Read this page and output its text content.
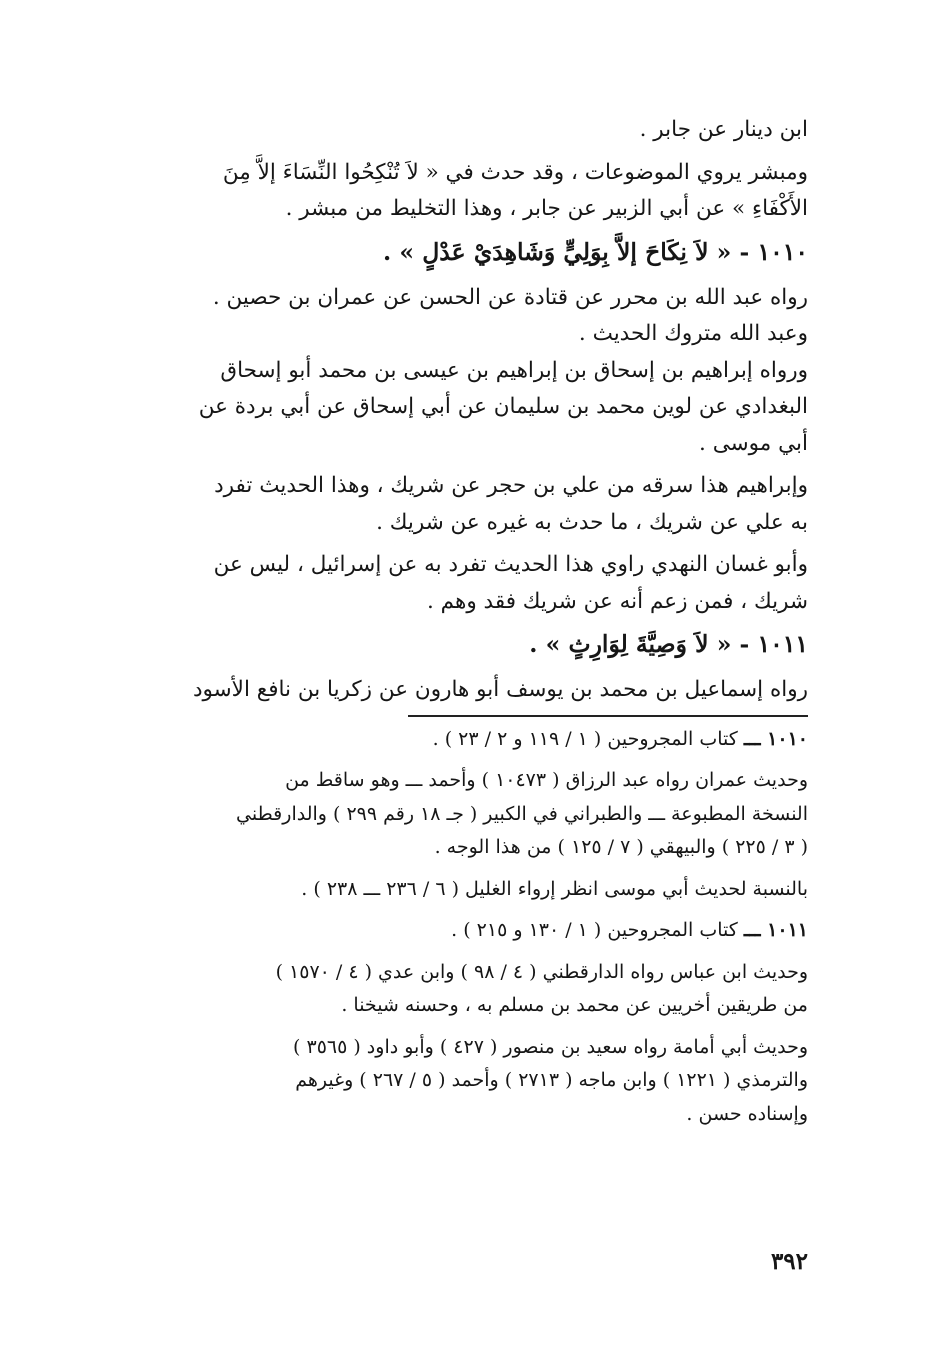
ابن دينار عن جابر .

ومبشر يروي الموضوعات ، وقد حدث في « لاَ تُنْكِحُوا النِّسَاءَ إلاَّ مِنَ

الأَكْفَاءِ » عن أبي الزبير عن جابر ، وهذا التخليط من مبشر .

١٠١٠ - « لاَ نِكَاحَ إلاَّ بِوَلِيٍّ وَشَاهِدَيْ عَدْلٍ » .

رواه عبد الله بن محرر عن قتادة عن الحسن عن عمران بن حصين .

وعبد الله متروك الحديث .

ورواه إبراهيم بن إسحاق بن إبراهيم بن عيسى بن محمد أبو إسحاق

البغدادي عن لوين محمد بن سليمان عن أبي إسحاق عن أبي بردة عن

أبي موسى .

وإبراهيم هذا سرقه من علي بن حجر عن شريك ، وهذا الحديث تفرد

به علي عن شريك ، ما حدث به غيره عن شريك .

وأبو غسان النهدي راوي هذا الحديث تفرد به عن إسرائيل ، ليس عن

شريك ، فمن زعم أنه عن شريك فقد وهم .

١٠١١ - « لاَ وَصِيَّةَ لِوَارِثٍ » .

رواه إسماعيل بن محمد بن يوسف أبو هارون عن زكريا بن نافع الأسود

١٠١٠ ـــ كتاب المجروحين ( ١ / ١١٩ و ٢ / ٢٣ ) .

وحديث عمران رواه عبد الرزاق ( ١٠٤٧٣ ) وأحمد ـــ وهو ساقط من

النسخة المطبوعة ـــ والطبراني في الكبير ( جـ ١٨ رقم ٢٩٩ ) والدارقطني

( ٣ / ٢٢٥ ) والبيهقي ( ٧ / ١٢٥ ) من هذا الوجه .

بالنسبة لحديث أبي موسى انظر إرواء الغليل ( ٦ / ٢٣٦ ـــ ٢٣٨ ) .

١٠١١ ـــ كتاب المجروحين ( ١ / ١٣٠ و ٢١٥ ) .

وحديث ابن عباس رواه الدارقطني ( ٤ / ٩٨ ) وابن عدي ( ٤ / ١٥٧٠ )

من طريقين أخريين عن محمد بن مسلم به ، وحسنه شيخنا .

وحديث أبي أمامة رواه سعيد بن منصور ( ٤٢٧ ) وأبو داود ( ٣٥٦٥ )

والترمذي ( ١٢٢١ ) وابن ماجه ( ٢٧١٣ ) وأحمد ( ٥ / ٢٦٧ ) وغيرهم

وإسناده حسن .

٣٩٢
